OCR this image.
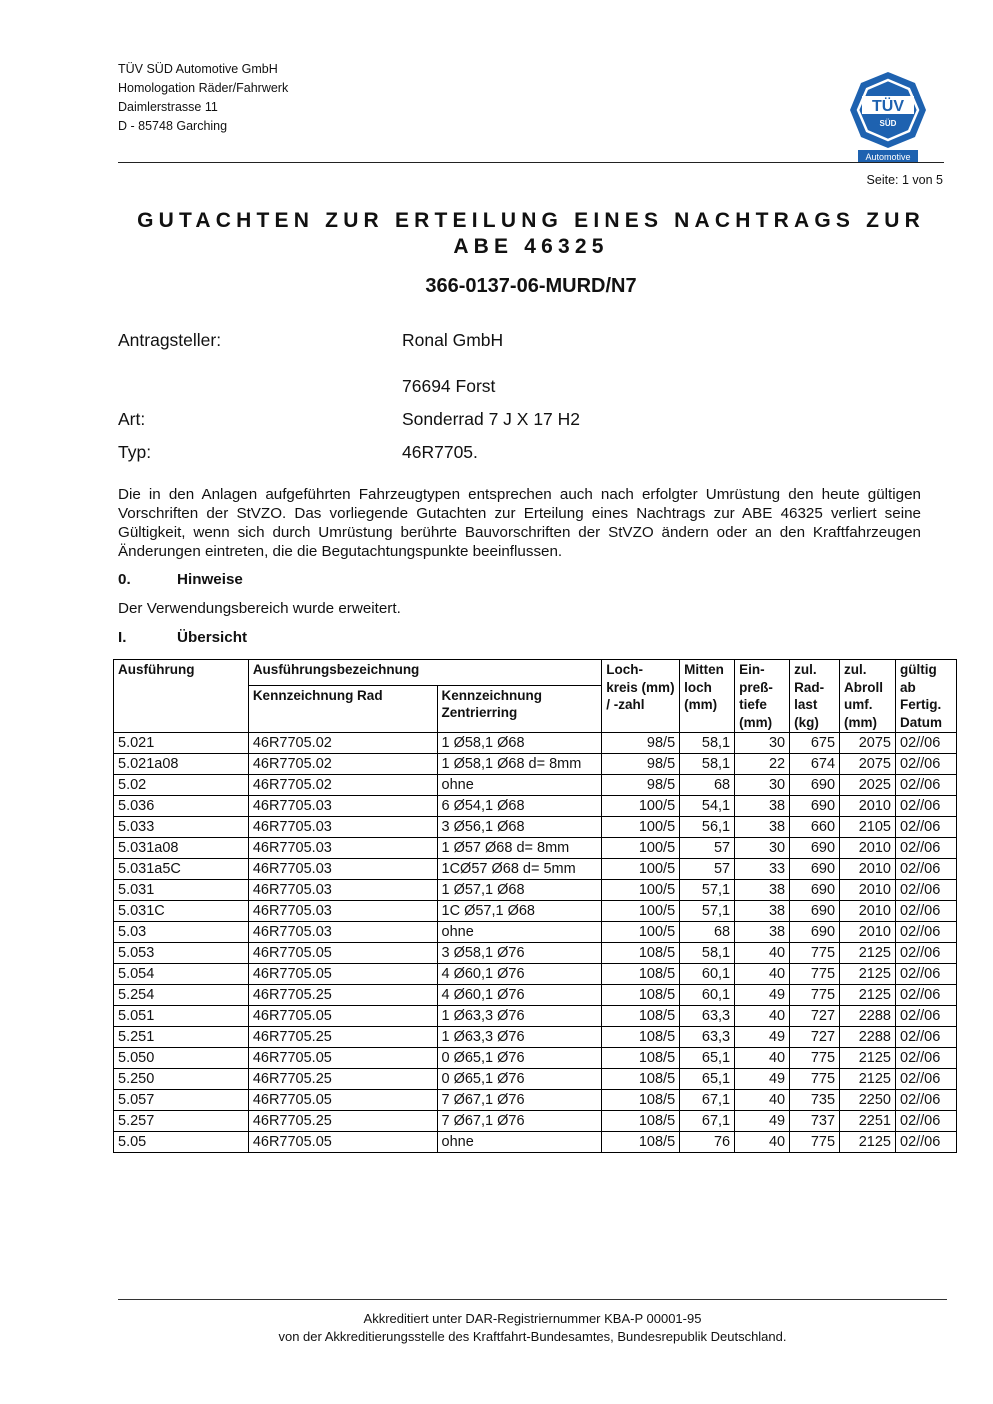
TÜV SÜD Automotive GmbH
Homologation Räder/Fahrwerk
Daimlerstrasse 11
D - 85748 Garching
TÜV
SÜD
Automotive
Seite: 1 von 5
GUTACHTEN ZUR ERTEILUNG EINES NACHTRAGS ZUR
ABE 46325
366-0137-06-MURD/N7
Antragsteller:	Ronal GmbH
76694 Forst
Art:	Sonderrad 7 J X 17 H2
Typ:	46R7705.
Die in den Anlagen aufgeführten Fahrzeugtypen entsprechen auch nach erfolgter Umrüstung den heute gültigen Vorschriften der StVZO. Das vorliegende Gutachten zur Erteilung eines Nachtrags zur ABE 46325 verliert seine Gültigkeit, wenn sich durch Umrüstung berührte Bauvorschriften der StVZO ändern oder an den Kraftfahrzeugen Änderungen eintreten, die die Begutachtungspunkte beeinflussen.
0.	Hinweise
Der Verwendungsbereich wurde erweitert.
I.	Übersicht
Ausführung	Ausführungsbezeichnung		Loch- kreis (mm) / -zahl	Mitten loch (mm)	Ein- preß- tiefe (mm)	zul. Rad- last (kg)	zul. Abroll umf. (mm)	gültig ab Fertig. Datum
	Kennzeichnung Rad	Kennzeichnung Zentrierring						
5.021	46R7705.02	1 Ø58,1 Ø68	98/5	58,1	30	675	2075	02//06
5.021a08	46R7705.02	1 Ø58,1 Ø68 d= 8mm	98/5	58,1	22	674	2075	02//06
5.02	46R7705.02	ohne	98/5	68	30	690	2025	02//06
5.036	46R7705.03	6 Ø54,1 Ø68	100/5	54,1	38	690	2010	02//06
5.033	46R7705.03	3 Ø56,1 Ø68	100/5	56,1	38	660	2105	02//06
5.031a08	46R7705.03	1 Ø57 Ø68 d= 8mm	100/5	57	30	690	2010	02//06
5.031a5C	46R7705.03	1CØ57 Ø68 d= 5mm	100/5	57	33	690	2010	02//06
5.031	46R7705.03	1 Ø57,1 Ø68	100/5	57,1	38	690	2010	02//06
5.031C	46R7705.03	1C Ø57,1 Ø68	100/5	57,1	38	690	2010	02//06
5.03	46R7705.03	ohne	100/5	68	38	690	2010	02//06
5.053	46R7705.05	3 Ø58,1 Ø76	108/5	58,1	40	775	2125	02//06
5.054	46R7705.05	4 Ø60,1 Ø76	108/5	60,1	40	775	2125	02//06
5.254	46R7705.25	4 Ø60,1 Ø76	108/5	60,1	49	775	2125	02//06
5.051	46R7705.05	1 Ø63,3 Ø76	108/5	63,3	40	727	2288	02//06
5.251	46R7705.25	1 Ø63,3 Ø76	108/5	63,3	49	727	2288	02//06
5.050	46R7705.05	0 Ø65,1 Ø76	108/5	65,1	40	775	2125	02//06
5.250	46R7705.25	0 Ø65,1 Ø76	108/5	65,1	49	775	2125	02//06
5.057	46R7705.05	7 Ø67,1 Ø76	108/5	67,1	40	735	2250	02//06
5.257	46R7705.25	7 Ø67,1 Ø76	108/5	67,1	49	737	2251	02//06
5.05	46R7705.05	ohne	108/5	76	40	775	2125	02//06
Akkreditiert unter DAR-Registriernummer KBA-P 00001-95
von der Akkreditierungsstelle des Kraftfahrt-Bundesamtes, Bundesrepublik Deutschland.
